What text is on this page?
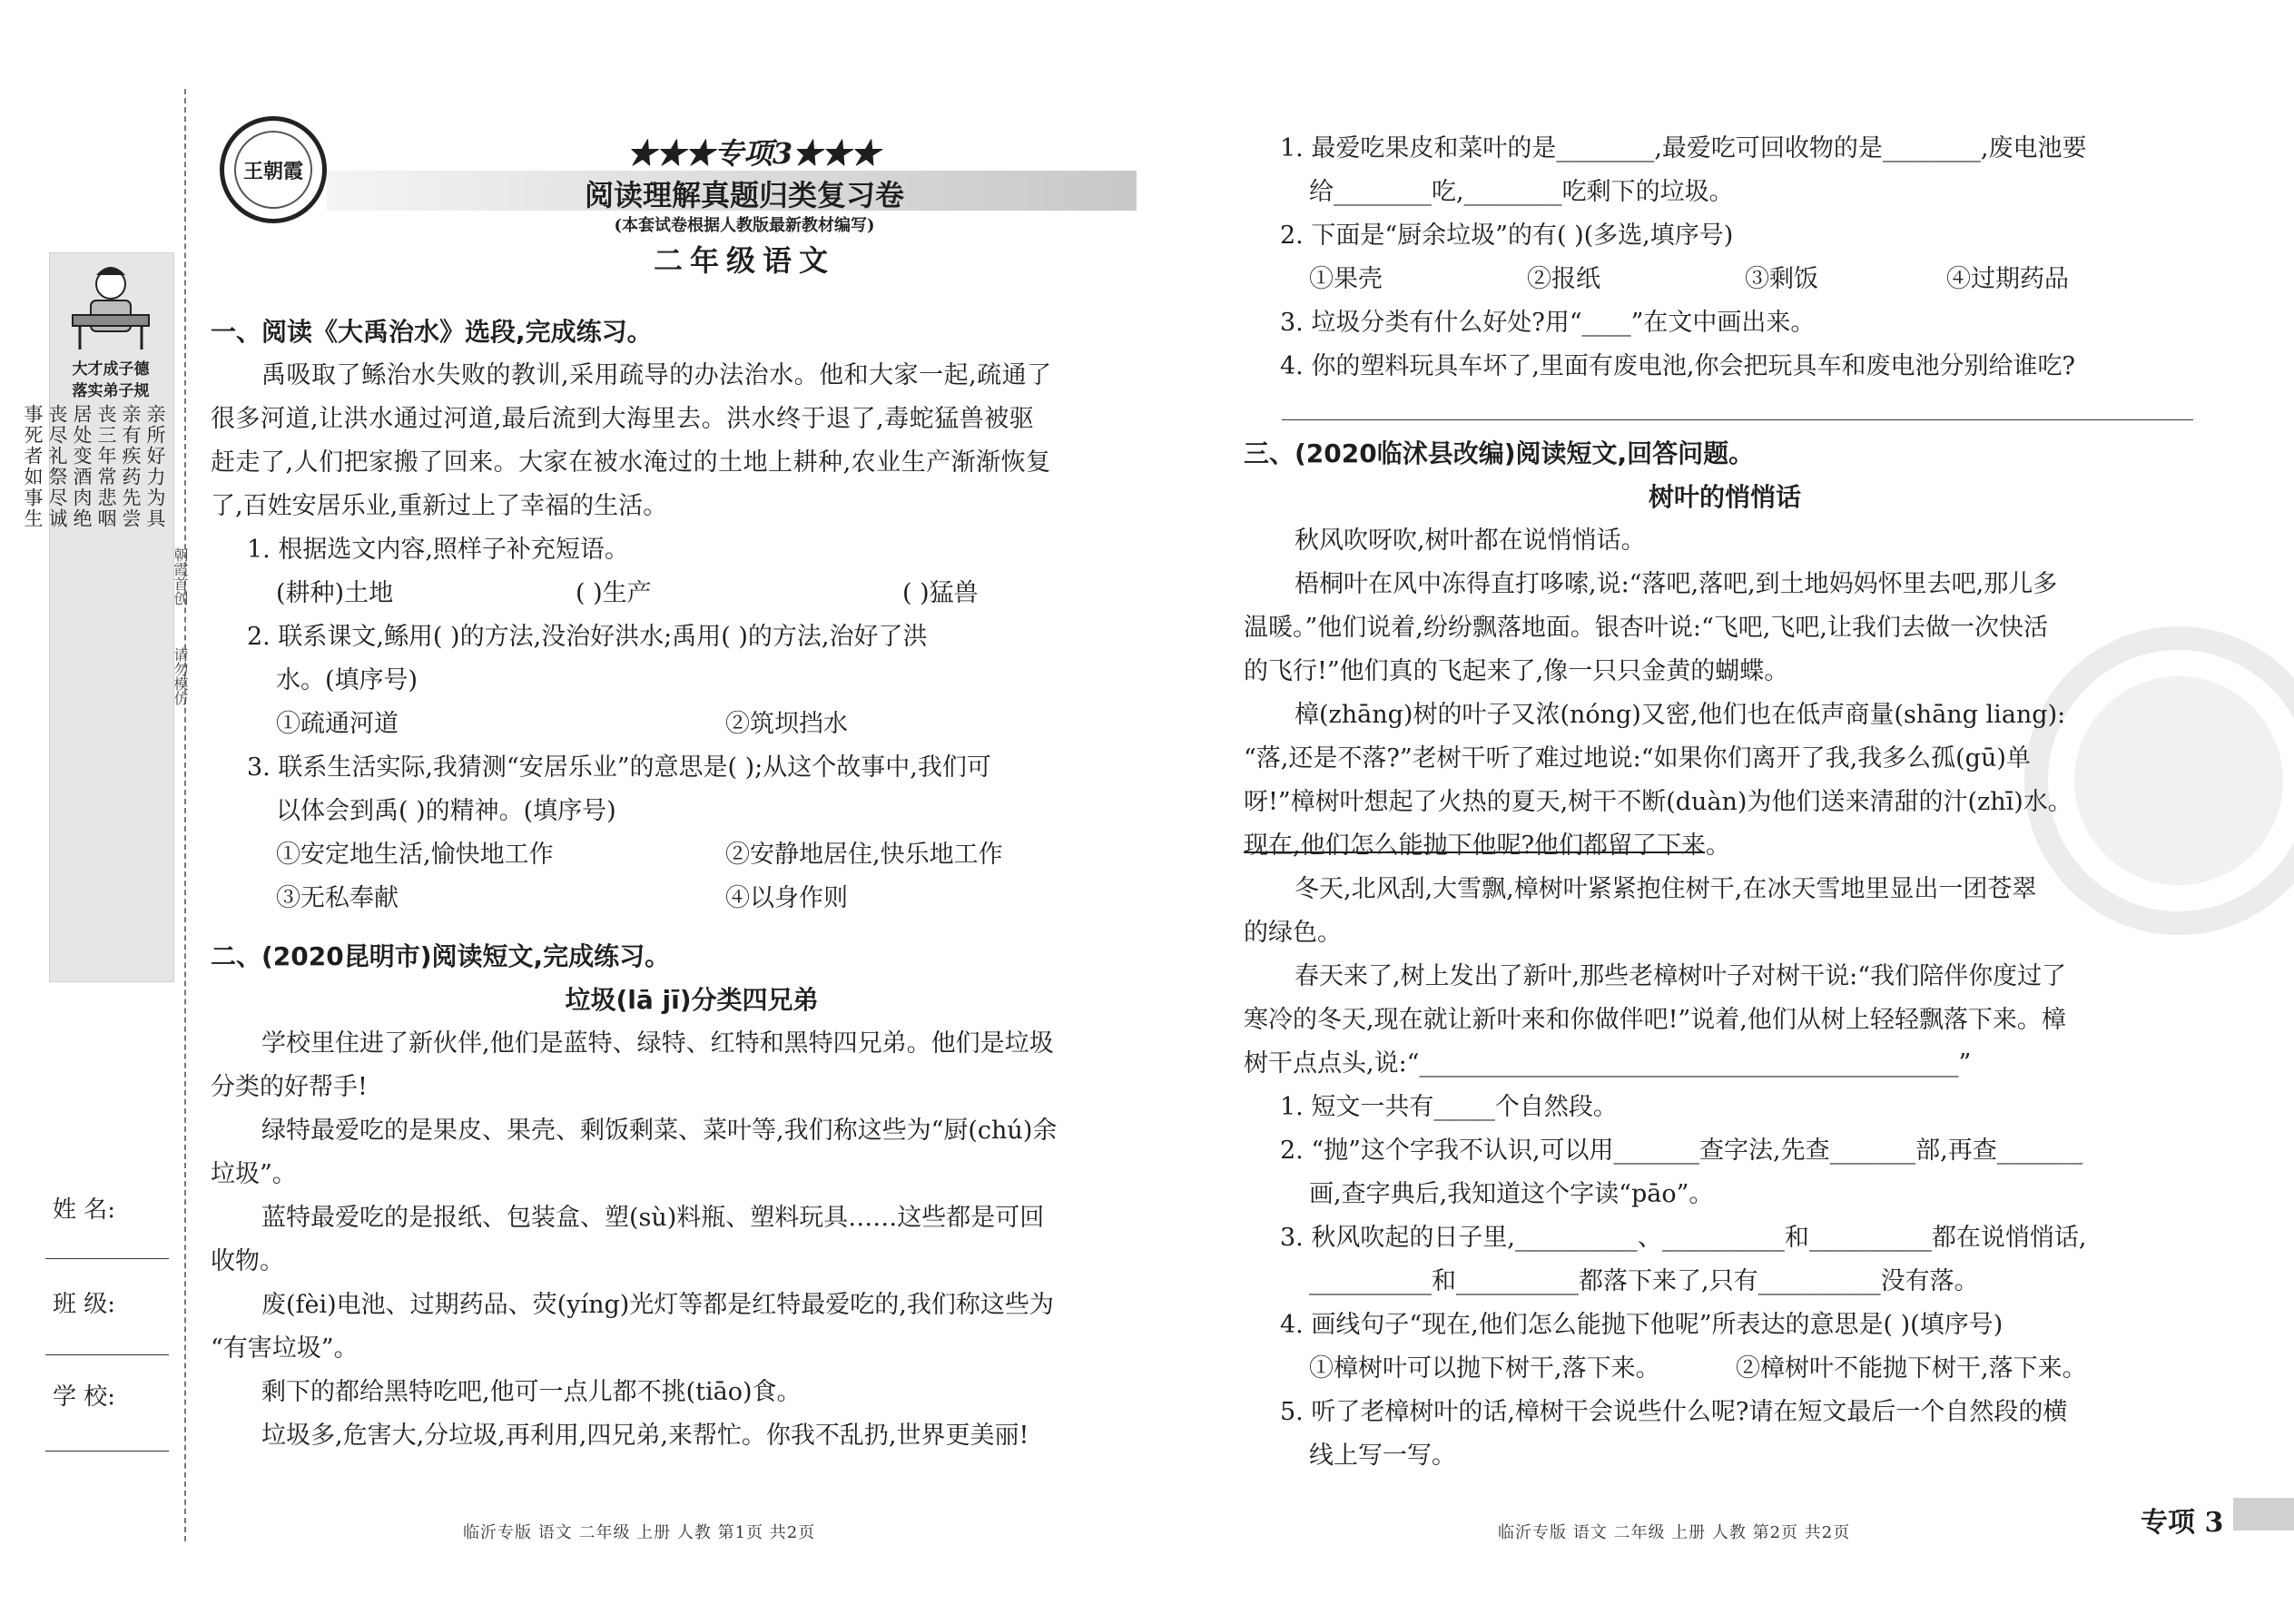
大才成子德
落实弟子规
亲所好力为具
亲有疾药先尝
丧三年常悲咽
居处变酒肉绝
丧尽礼祭尽诚
事死者如事生
朝霞首创
请勿模仿
姓 名:
班 级:
学 校:
王朝霞
★★★专项3★★★
阅读理解真题归类复习卷
(本套试卷根据人教版最新教材编写)
二年级语文
一、阅读《大禹治水》选段,完成练习。
禹吸取了鲧治水失败的教训,采用疏导的办法治水。他和大家一起,疏通了
很多河道,让洪水通过河道,最后流到大海里去。洪水终于退了,毒蛇猛兽被驱
赶走了,人们把家搬了回来。大家在被水淹过的土地上耕种,农业生产渐渐恢复
了,百姓安居乐业,重新过上了幸福的生活。
1. 根据选文内容,照样子补充短语。
(耕种)土地	( )生产	( )猛兽
2. 联系课文,鲧用( )的方法,没治好洪水;禹用( )的方法,治好了洪
水。(填序号)
①疏通河道	②筑坝挡水
3. 联系生活实际,我猜测“安居乐业”的意思是( );从这个故事中,我们可
以体会到禹( )的精神。(填序号)
①安定地生活,愉快地工作	②安静地居住,快乐地工作
③无私奉献	④以身作则
二、(2020昆明市)阅读短文,完成练习。
垃圾(lā jī)分类四兄弟
学校里住进了新伙伴,他们是蓝特、绿特、红特和黑特四兄弟。他们是垃圾
分类的好帮手!
绿特最爱吃的是果皮、果壳、剩饭剩菜、菜叶等,我们称这些为“厨(chú)余
垃圾”。
蓝特最爱吃的是报纸、包装盒、塑(sù)料瓶、塑料玩具……这些都是可回
收物。
废(fèi)电池、过期药品、荧(yíng)光灯等都是红特最爱吃的,我们称这些为
“有害垃圾”。
剩下的都给黑特吃吧,他可一点儿都不挑(tiāo)食。
垃圾多,危害大,分垃圾,再利用,四兄弟,来帮忙。你我不乱扔,世界更美丽!
临沂专版 语文 二年级 上册 人教 第1页 共2页
1. 最爱吃果皮和菜叶的是________,最爱吃可回收物的是________,废电池要
给________吃,________吃剩下的垃圾。
2. 下面是“厨余垃圾”的有( )(多选,填序号)
①果壳	②报纸	③剩饭	④过期药品
3. 垃圾分类有什么好处?用“____”在文中画出来。
4. 你的塑料玩具车坏了,里面有废电池,你会把玩具车和废电池分别给谁吃?
三、(2020临沭县改编)阅读短文,回答问题。
树叶的悄悄话
秋风吹呀吹,树叶都在说悄悄话。
梧桐叶在风中冻得直打哆嗦,说:“落吧,落吧,到土地妈妈怀里去吧,那儿多
温暖。”他们说着,纷纷飘落地面。银杏叶说:“飞吧,飞吧,让我们去做一次快活
的飞行!”他们真的飞起来了,像一只只金黄的蝴蝶。
樟(zhāng)树的叶子又浓(nóng)又密,他们也在低声商量(shāng liang):
“落,还是不落?”老树干听了难过地说:“如果你们离开了我,我多么孤(gū)单
呀!”樟树叶想起了火热的夏天,树干不断(duàn)为他们送来清甜的汁(zhī)水。
现在,他们怎么能抛下他呢?他们都留了下来。
冬天,北风刮,大雪飘,樟树叶紧紧抱住树干,在冰天雪地里显出一团苍翠
的绿色。
春天来了,树上发出了新叶,那些老樟树叶子对树干说:“我们陪伴你度过了
寒冷的冬天,现在就让新叶来和你做伴吧!”说着,他们从树上轻轻飘落下来。樟
树干点点头,说:“____________________________________________”
1. 短文一共有_____个自然段。
2. “抛”这个字我不认识,可以用_______查字法,先查_______部,再查_______
画,查字典后,我知道这个字读“pāo”。
3. 秋风吹起的日子里,__________、__________和__________都在说悄悄话,
__________和__________都落下来了,只有__________没有落。
4. 画线句子“现在,他们怎么能抛下他呢”所表达的意思是( )(填序号)
①樟树叶可以抛下树干,落下来。	②樟树叶不能抛下树干,落下来。
5. 听了老樟树叶的话,樟树干会说些什么呢?请在短文最后一个自然段的横
线上写一写。
临沂专版 语文 二年级 上册 人教 第2页 共2页	专项 3
